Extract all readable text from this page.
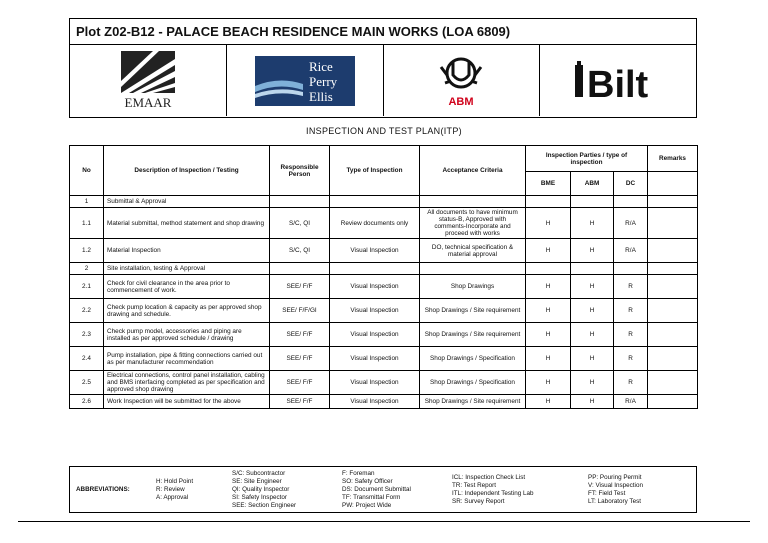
Plot Z02-B12 - PALACE BEACH RESIDENCE MAIN WORKS (LOA 6809)
EMAAR
Rice
Perry
Ellis	ABM	Bilt
INSPECTION AND TEST PLAN(ITP)
No	Description of Inspection / Testing	Responsible Person	Type of Inspection	Acceptance Criteria	Inspection Parties / type of inspection			Remarks
					BME	ABM	DC	
1	Submittal & Approval							
1.1	Material submittal, method statement and shop drawing	S/C, QI	Review documents only	All documents to have minimum status-B, Approved with comments-Incorporate and proceed with works	H	H	R/A	
1.2	Material Inspection	S/C, QI	Visual Inspection	DO, technical specification & material approval	H	H	R/A	
2	Site installation, testing & Approval							
2.1	Check for civil clearance in the area prior to commencement of work.	SEE/ F/F	Visual Inspection	Shop Drawings	H	H	R	
2.2	Check pump location & capacity as per approved shop drawing and schedule.	SEE/ F/F/GI	Visual Inspection	Shop Drawings / Site requirement	H	H	R	
2.3	Check pump model, accessories and piping are installed as per approved schedule / drawing	SEE/ F/F	Visual Inspection	Shop Drawings / Site requirement	H	H	R	
2.4	Pump installation, pipe & fitting connections carried out as per manufacturer recommendation	SEE/ F/F	Visual Inspection	Shop Drawings / Specification	H	H	R	
2.5	Electrical connections, control panel installation, cabling and BMS interfacing completed as per specification and approved shop drawing	SEE/ F/F	Visual Inspection	Shop Drawings / Specification	H	H	R	
2.6	Work Inspection will be submitted for the above	SEE/ F/F	Visual Inspection	Shop Drawings / Site requirement	H	H	R/A	
ABBREVIATIONS:
H: Hold Point
R: Review
A: Approval
S/C: Subcontractor
SE: Site Engineer
QI: Quality Inspector
SI: Safety Inspector
SEE: Section Engineer
F: Foreman
SO: Safety Officer
DS: Document Submittal
TF: Transmittal Form
PW: Project Wide
ICL: Inspection Check List
TR: Test Report
ITL: Independent Testing Lab
SR: Survey Report
PP: Pouring Permit
V: Visual Inspection
FT: Field Test
LT: Laboratory Test
